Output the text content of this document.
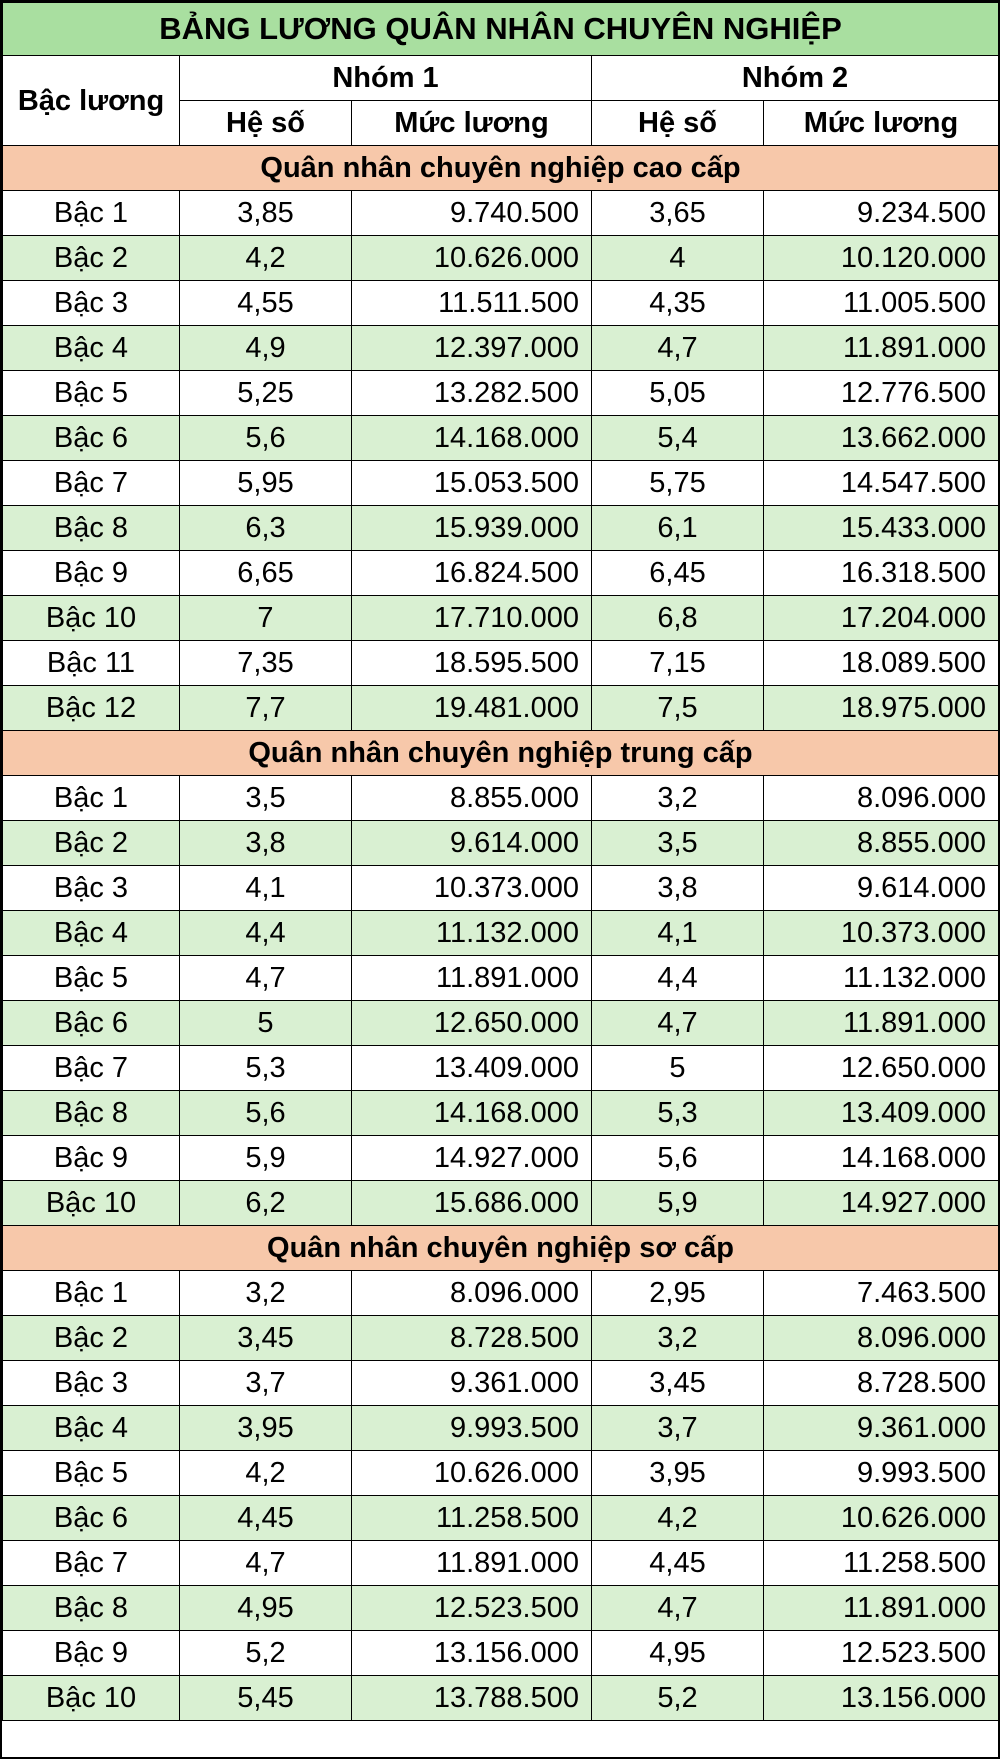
BẢNG LƯƠNG QUÂN NHÂN CHUYÊN NGHIỆP				
Bậc lương	Nhóm 1		Nhóm 2	
	Hệ số	Mức lương	Hệ số	Mức lương
Quân nhân chuyên nghiệp cao cấp				
Bậc 1	3,85	9.740.500	3,65	9.234.500
Bậc 2	4,2	10.626.000	4	10.120.000
Bậc 3	4,55	11.511.500	4,35	11.005.500
Bậc 4	4,9	12.397.000	4,7	11.891.000
Bậc 5	5,25	13.282.500	5,05	12.776.500
Bậc 6	5,6	14.168.000	5,4	13.662.000
Bậc 7	5,95	15.053.500	5,75	14.547.500
Bậc 8	6,3	15.939.000	6,1	15.433.000
Bậc 9	6,65	16.824.500	6,45	16.318.500
Bậc 10	7	17.710.000	6,8	17.204.000
Bậc 11	7,35	18.595.500	7,15	18.089.500
Bậc 12	7,7	19.481.000	7,5	18.975.000
Quân nhân chuyên nghiệp trung cấp				
Bậc 1	3,5	8.855.000	3,2	8.096.000
Bậc 2	3,8	9.614.000	3,5	8.855.000
Bậc 3	4,1	10.373.000	3,8	9.614.000
Bậc 4	4,4	11.132.000	4,1	10.373.000
Bậc 5	4,7	11.891.000	4,4	11.132.000
Bậc 6	5	12.650.000	4,7	11.891.000
Bậc 7	5,3	13.409.000	5	12.650.000
Bậc 8	5,6	14.168.000	5,3	13.409.000
Bậc 9	5,9	14.927.000	5,6	14.168.000
Bậc 10	6,2	15.686.000	5,9	14.927.000
Quân nhân chuyên nghiệp sơ cấp				
Bậc 1	3,2	8.096.000	2,95	7.463.500
Bậc 2	3,45	8.728.500	3,2	8.096.000
Bậc 3	3,7	9.361.000	3,45	8.728.500
Bậc 4	3,95	9.993.500	3,7	9.361.000
Bậc 5	4,2	10.626.000	3,95	9.993.500
Bậc 6	4,45	11.258.500	4,2	10.626.000
Bậc 7	4,7	11.891.000	4,45	11.258.500
Bậc 8	4,95	12.523.500	4,7	11.891.000
Bậc 9	5,2	13.156.000	4,95	12.523.500
Bậc 10	5,45	13.788.500	5,2	13.156.000
